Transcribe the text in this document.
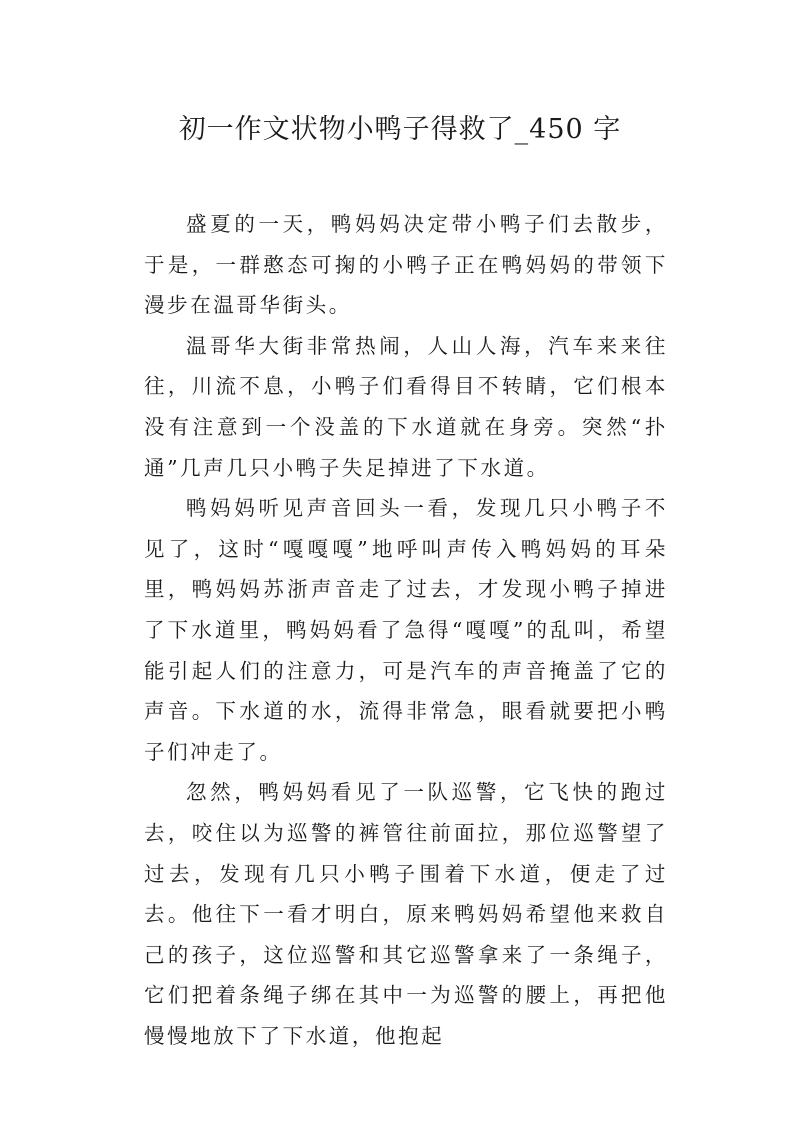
初一作文状物小鸭子得救了_450 字

盛夏的一天，鸭妈妈决定带小鸭子们去散步，于是，一群憨态可掬的小鸭子正在鸭妈妈的带领下漫步在温哥华街头。

温哥华大街非常热闹，人山人海，汽车来来往往，川流不息，小鸭子们看得目不转睛，它们根本没有注意到一个没盖的下水道就在身旁。突然“扑通”几声几只小鸭子失足掉进了下水道。

鸭妈妈听见声音回头一看，发现几只小鸭子不见了，这时“嘎嘎嘎”地呼叫声传入鸭妈妈的耳朵里，鸭妈妈苏浙声音走了过去，才发现小鸭子掉进了下水道里，鸭妈妈看了急得“嘎嘎”的乱叫，希望能引起人们的注意力，可是汽车的声音掩盖了它的声音。下水道的水，流得非常急，眼看就要把小鸭子们冲走了。

忽然，鸭妈妈看见了一队巡警，它飞快的跑过去，咬住以为巡警的裤管往前面拉，那位巡警望了过去，发现有几只小鸭子围着下水道，便走了过去。他往下一看才明白，原来鸭妈妈希望他来救自己的孩子，这位巡警和其它巡警拿来了一条绳子，它们把着条绳子绑在其中一为巡警的腰上，再把他慢慢地放下了下水道，他抱起
